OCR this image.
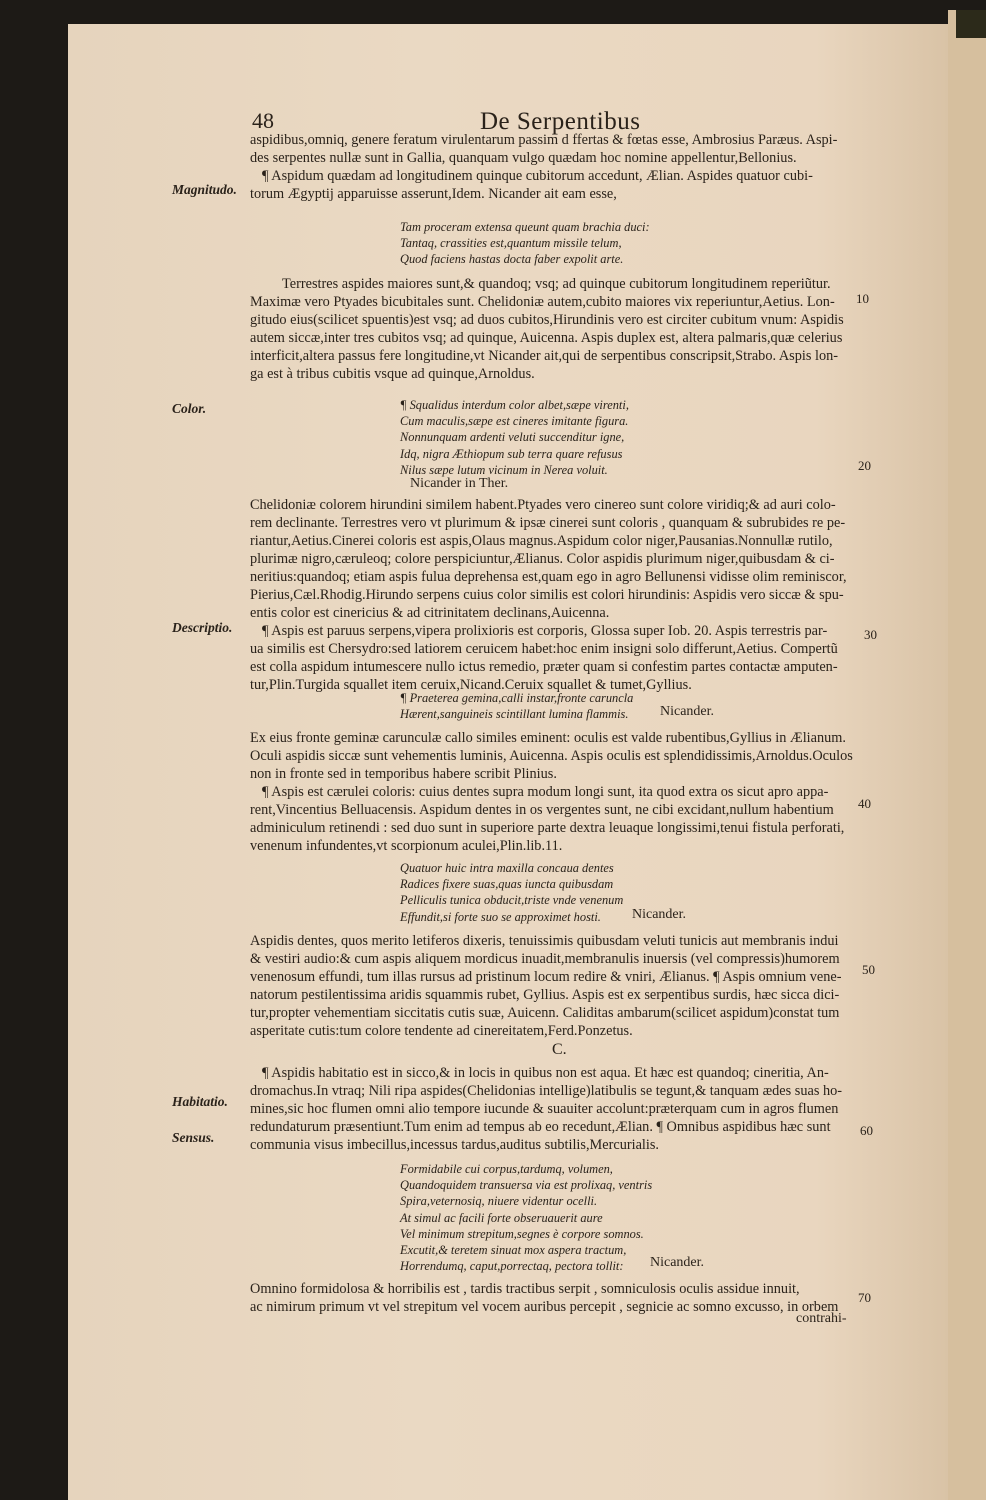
48	De Serpentibus
Magnitudo.
Color.
Descriptio.
Habitatio.
Sensus.
10
20
30
40
50
60
70

aspidibus,omniq, genere feratum virulentarum passim d ffertas & fœtas esse, Ambrosius Paræus. Aspi-

des serpentes nullæ sunt in Gallia, quanquam vulgo quædam hoc nomine appellentur,Bellonius.

¶ Aspidum quædam ad longitudinem quinque cubitorum accedunt, Ælian. Aspides quatuor cubi-

torum Ægyptij apparuisse asserunt,Idem. Nicander ait eam esse,

Tam proceram extensa queunt quam brachia duci:

Tantaq, crassities est,quantum missile telum,

Quod faciens hastas docta faber expolit arte.

Terrestres aspides maiores sunt,& quandoq; vsq; ad quinque cubitorum longitudinem reperiũtur.

Maximæ vero Ptyades bicubitales sunt. Chelidoniæ autem,cubito maiores vix reperiuntur,Aetius. Lon-

gitudo eius(scilicet spuentis)est vsq; ad duos cubitos,Hirundinis vero est circiter cubitum vnum: Aspidis

autem siccæ,inter tres cubitos vsq; ad quinque, Auicenna. Aspis duplex est, altera palmaris,quæ celerius

interficit,altera passus fere longitudine,vt Nicander ait,qui de serpentibus conscripsit,Strabo. Aspis lon-

ga est à tribus cubitis vsque ad quinque,Arnoldus.

¶ Squalidus interdum color albet,sæpe virenti,

Cum maculis,sæpe est cineres imitante figura.

Nonnunquam ardenti veluti succenditur igne,

Idq, nigra Æthiopum sub terra quare refusus

Nilus sæpe lutum vicinum in Nerea voluit.

Nicander in Ther.

Chelidoniæ colorem hirundini similem habent.Ptyades vero cinereo sunt colore viridiq;& ad auri colo-

rem declinante. Terrestres vero vt plurimum & ipsæ cinerei sunt coloris , quanquam & subrubides re pe-

riantur,Aetius.Cinerei coloris est aspis,Olaus magnus.Aspidum color niger,Pausanias.Nonnullæ rutilo,

plurimæ nigro,cæruleoq; colore perspiciuntur,Ælianus. Color aspidis plurimum niger,quibusdam & ci-

neritius:quandoq; etiam aspis fulua deprehensa est,quam ego in agro Bellunensi vidisse olim reminiscor,

Pierius,Cæl.Rhodig.Hirundo serpens cuius color similis est colori hirundinis: Aspidis vero siccæ & spu-

entis color est cinericius & ad citrinitatem declinans,Auicenna.

¶ Aspis est paruus serpens,vipera prolixioris est corporis, Glossa super Iob. 20. Aspis terrestris par-

ua similis est Chersydro:sed latiorem ceruicem habet:hoc enim insigni solo differunt,Aetius. Compertũ

est colla aspidum intumescere nullo ictus remedio, præter quam si confestim partes contactæ amputen-

tur,Plin.Turgida squallet item ceruix,Nicand.Ceruix squallet & tumet,Gyllius.

¶ Praeterea gemina,calli instar,fronte caruncla

Hærent,sanguineis scintillant lumina flammis.	Nicander.

Ex eius fronte geminæ carunculæ callo similes eminent: oculis est valde rubentibus,Gyllius in Ælianum.

Oculi aspidis siccæ sunt vehementis luminis, Auicenna. Aspis oculis est splendidissimis,Arnoldus.Oculos

non in fronte sed in temporibus habere scribit Plinius.

¶ Aspis est cærulei coloris: cuius dentes supra modum longi sunt, ita quod extra os sicut apro appa-

rent,Vincentius Belluacensis. Aspidum dentes in os vergentes sunt, ne cibi excidant,nullum habentium

adminiculum retinendi : sed duo sunt in superiore parte dextra leuaque longissimi,tenui fistula perforati,

venenum infundentes,vt scorpionum aculei,Plin.lib.11.

Quatuor huic intra maxilla concaua dentes

Radices fixere suas,quas iuncta quibusdam

Pelliculis tunica obducit,triste vnde venenum

Effundit,si forte suo se approximet hosti.	Nicander.

Aspidis dentes, quos merito letiferos dixeris, tenuissimis quibusdam veluti tunicis aut membranis indui

& vestiri audio:& cum aspis aliquem mordicus inuadit,membranulis inuersis (vel compressis)humorem

venenosum effundi, tum illas rursus ad pristinum locum redire & vniri, Ælianus. ¶ Aspis omnium vene-

natorum pestilentissima aridis squammis rubet, Gyllius. Aspis est ex serpentibus surdis, hæc sicca dici-

tur,propter vehementiam siccitatis cutis suæ, Auicenn. Caliditas ambarum(scilicet aspidum)constat tum

asperitate cutis:tum colore tendente ad cinereitatem,Ferd.Ponzetus.

C.

¶ Aspidis habitatio est in sicco,& in locis in quibus non est aqua. Et hæc est quandoq; cineritia, An-

dromachus.In vtraq; Nili ripa aspides(Chelidonias intellige)latibulis se tegunt,& tanquam ædes suas ho-

mines,sic hoc flumen omni alio tempore iucunde & suauiter accolunt:præterquam cum in agros flumen

redundaturum præsentiunt.Tum enim ad tempus ab eo recedunt,Ælian. ¶ Omnibus aspidibus hæc sunt

communia visus imbecillus,incessus tardus,auditus subtilis,Mercurialis.

Formidabile cui corpus,tardumq, volumen,

Quandoquidem transuersa via est prolixaq, ventris

Spira,veternosiq, niuere videntur ocelli.

At simul ac facili forte obseruauerit aure

Vel minimum strepitum,segnes è corpore somnos.

Excutit,& teretem sinuat mox aspera tractum,

Horrendumq, caput,porrectaq, pectora tollit:	Nicander.

Omnino formidolosa & horribilis est , tardis tractibus serpit , somniculosis oculis assidue innuit,

ac nimirum primum vt vel strepitum vel vocem auribus percepit , segnicie ac somno excusso, in orbem

contrahi-
